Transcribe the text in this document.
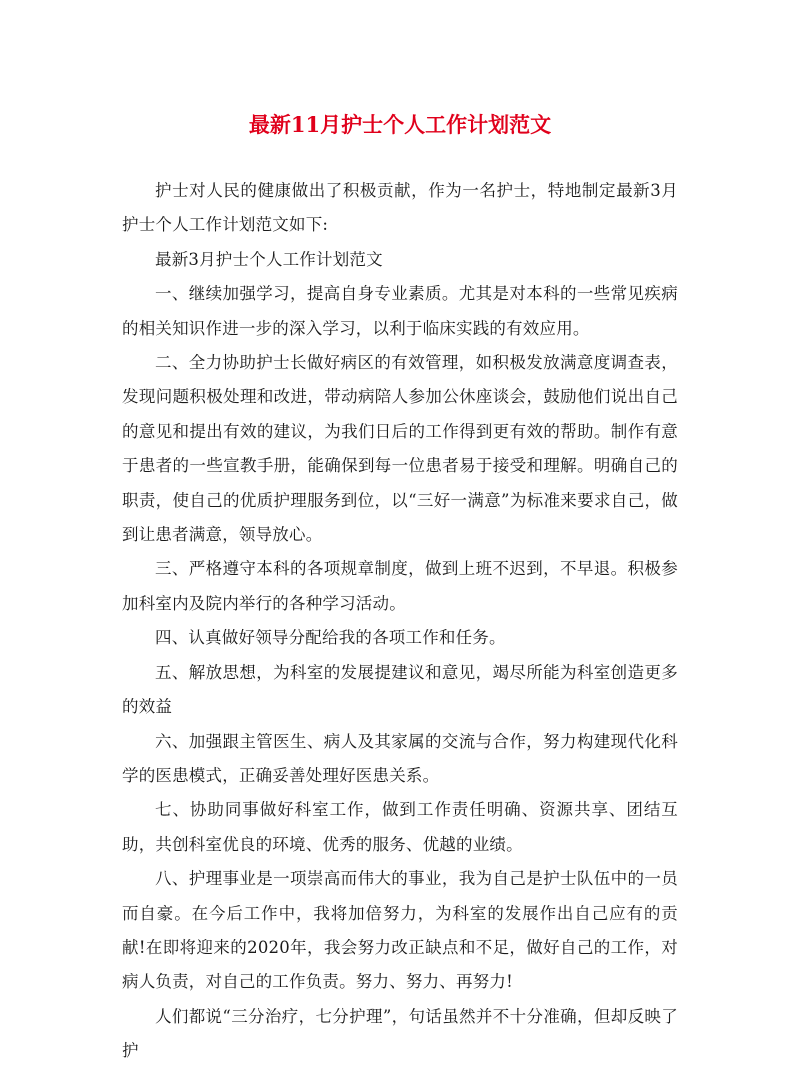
最新11月护士个人工作计划范文

护士对人民的健康做出了积极贡献，作为一名护士，特地制定最新3月护士个人工作计划范文如下:

最新3月护士个人工作计划范文

一、继续加强学习，提高自身专业素质。尤其是对本科的一些常见疾病的相关知识作进一步的深入学习，以利于临床实践的有效应用。

二、全力协助护士长做好病区的有效管理，如积极发放满意度调查表，发现问题积极处理和改进，带动病陪人参加公休座谈会，鼓励他们说出自己的意见和提出有效的建议，为我们日后的工作得到更有效的帮助。制作有意于患者的一些宣教手册，能确保到每一位患者易于接受和理解。明确自己的职责，使自己的优质护理服务到位，以“三好一满意”为标准来要求自己，做到让患者满意，领导放心。

三、严格遵守本科的各项规章制度，做到上班不迟到，不早退。积极参加科室内及院内举行的各种学习活动。

四、认真做好领导分配给我的各项工作和任务。

五、解放思想，为科室的发展提建议和意见，竭尽所能为科室创造更多的效益

六、加强跟主管医生、病人及其家属的交流与合作，努力构建现代化科学的医患模式，正确妥善处理好医患关系。

七、协助同事做好科室工作，做到工作责任明确、资源共享、团结互助，共创科室优良的环境、优秀的服务、优越的业绩。

八、护理事业是一项崇高而伟大的事业，我为自己是护士队伍中的一员而自豪。在今后工作中，我将加倍努力，为科室的发展作出自己应有的贡献!在即将迎来的2020年，我会努力改正缺点和不足，做好自己的工作，对病人负责，对自己的工作负责。努力、努力、再努力!

人们都说“三分治疗，七分护理”，句话虽然并不十分准确，但却反映了护
